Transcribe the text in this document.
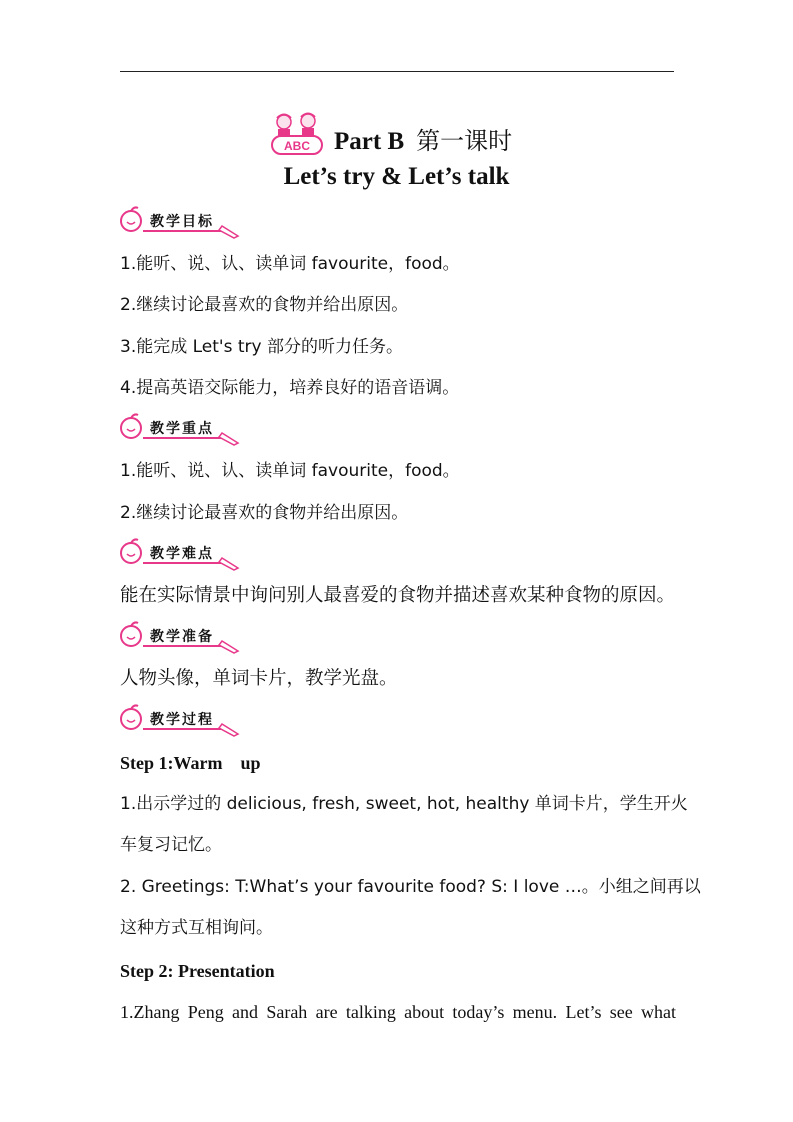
ABC Part B 第一课时
Let’s try & Let’s talk
教学目标
1.能听、说、认、读单词 favourite，food。
2.继续讨论最喜欢的食物并给出原因。
3.能完成 Let's try 部分的听力任务。
4.提高英语交际能力，培养良好的语音语调。
教学重点
1.能听、说、认、读单词 favourite，food。
2.继续讨论最喜欢的食物并给出原因。
教学难点
能在实际情景中询问别人最喜爱的食物并描述喜欢某种食物的原因。
教学准备
人物头像，单词卡片，教学光盘。
教学过程
Step 1:Warm    up
1.出示学过的 delicious, fresh, sweet, hot, healthy 单词卡片，学生开火
车复习记忆。
2. Greetings: T:What’s your favourite food? S: I love …。小组之间再以
这种方式互相询问。
Step 2: Presentation
1.Zhang Peng and Sarah are talking about today’s menu. Let’s see what
